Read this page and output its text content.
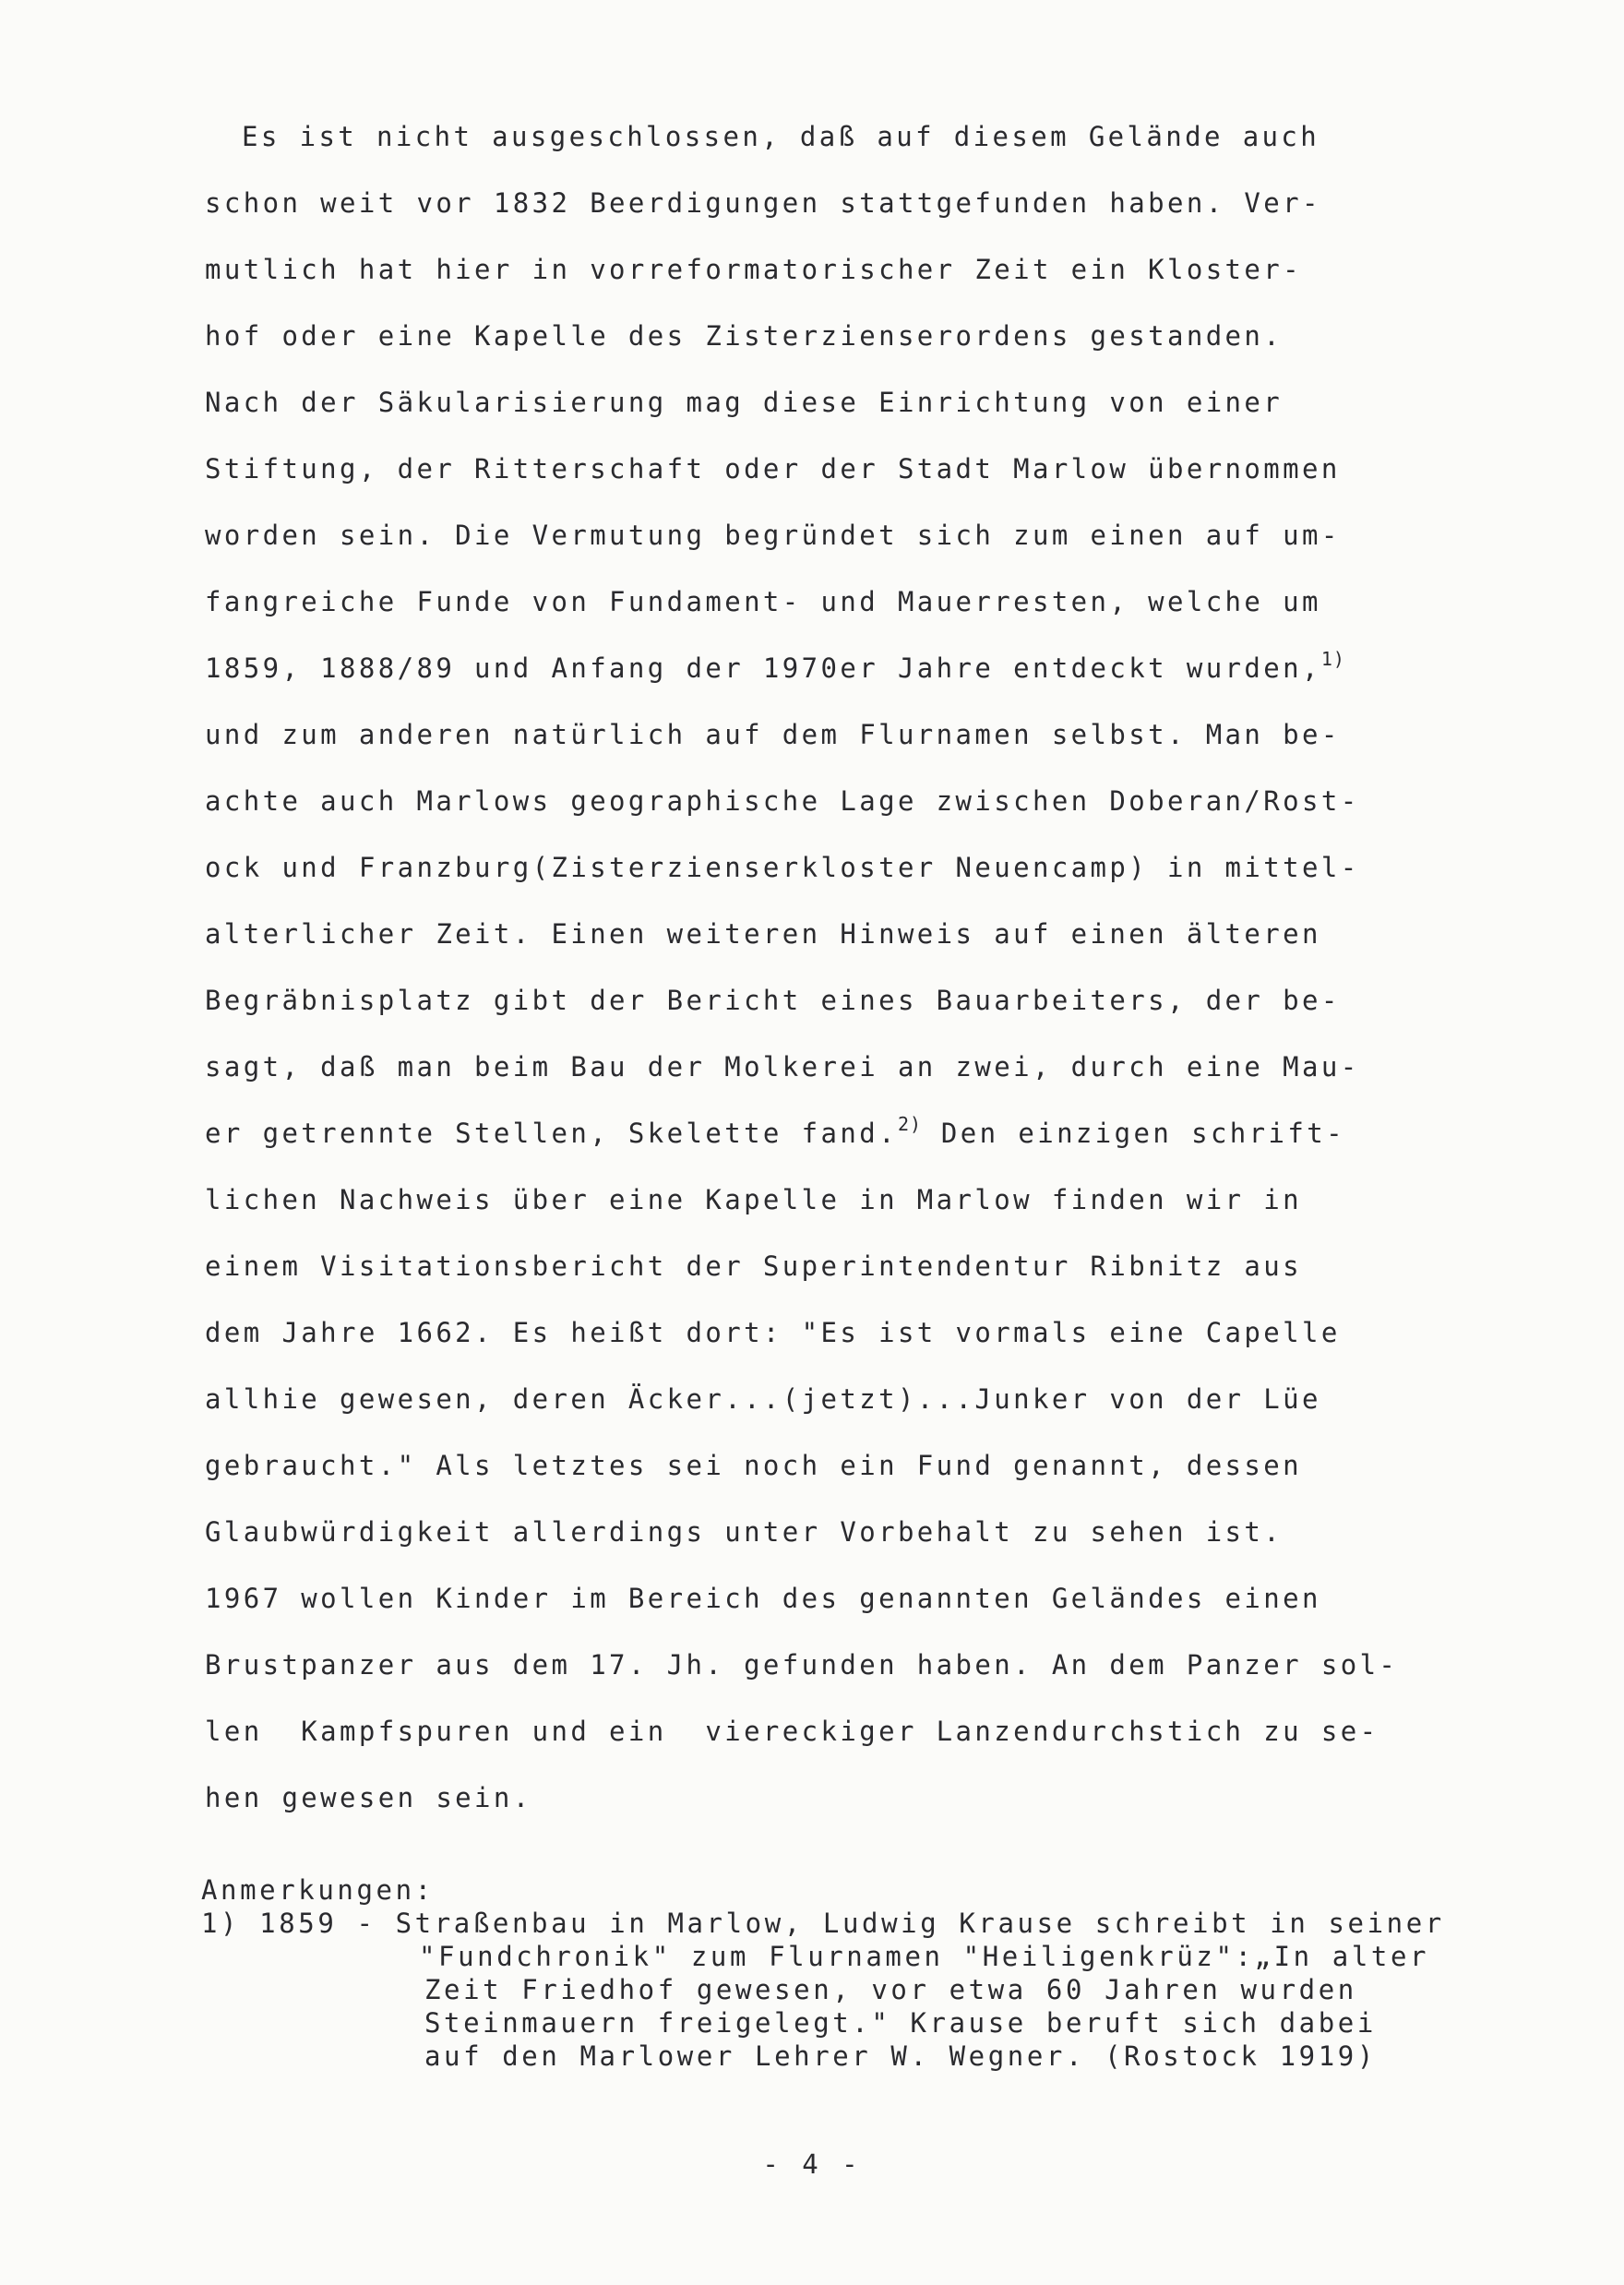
Es ist nicht ausgeschlossen, daß auf diesem Gelände auch
schon weit vor 1832 Beerdigungen stattgefunden haben. Ver-
mutlich hat hier in vorreformatorischer Zeit ein Kloster-
hof oder eine Kapelle des Zisterzienserordens gestanden.
Nach der Säkularisierung mag diese Einrichtung von einer
Stiftung, der Ritterschaft oder der Stadt Marlow übernommen
worden sein. Die Vermutung begründet sich zum einen auf um-
fangreiche Funde von Fundament- und Mauerresten, welche um
1859, 1888/89 und Anfang der 1970er Jahre entdeckt wurden,$^{1)}$
und zum anderen natürlich auf dem Flurnamen selbst. Man be-
achte auch Marlows geographische Lage zwischen Doberan/Rost-
ock und Franzburg(Zisterzienserkloster Neuencamp) in mittel-
alterlicher Zeit. Einen weiteren Hinweis auf einen älteren
Begräbnisplatz gibt der Bericht eines Bauarbeiters, der be-
sagt, daß man beim Bau der Molkerei an zwei, durch eine Mau-
er getrennte Stellen, Skelette fand.$^{2)}$ Den einzigen schrift-
lichen Nachweis über eine Kapelle in Marlow finden wir in
einem Visitationsbericht der Superintendentur Ribnitz aus
dem Jahre 1662. Es heißt dort: "Es ist vormals eine Capelle
allhie gewesen, deren Äcker...(jetzt)...Junker von der Lüe
gebraucht." Als letztes sei noch ein Fund genannt, dessen
Glaubwürdigkeit allerdings unter Vorbehalt zu sehen ist.
1967 wollen Kinder im Bereich des genannten Geländes einen
Brustpanzer aus dem 17. Jh. gefunden haben. An dem Panzer sol-
len  Kampfspuren und ein  viereckiger Lanzendurchstich zu se-
hen gewesen sein.
Anmerkungen:
1) 1859 - Straßenbau in Marlow, Ludwig Krause schreibt in seiner
"Fundchronik" zum Flurnamen "Heiligenkrüz":„In alter
Zeit Friedhof gewesen, vor etwa 60 Jahren wurden
Steinmauern freigelegt." Krause beruft sich dabei
auf den Marlower Lehrer W. Wegner. (Rostock 1919)
- 4 -
